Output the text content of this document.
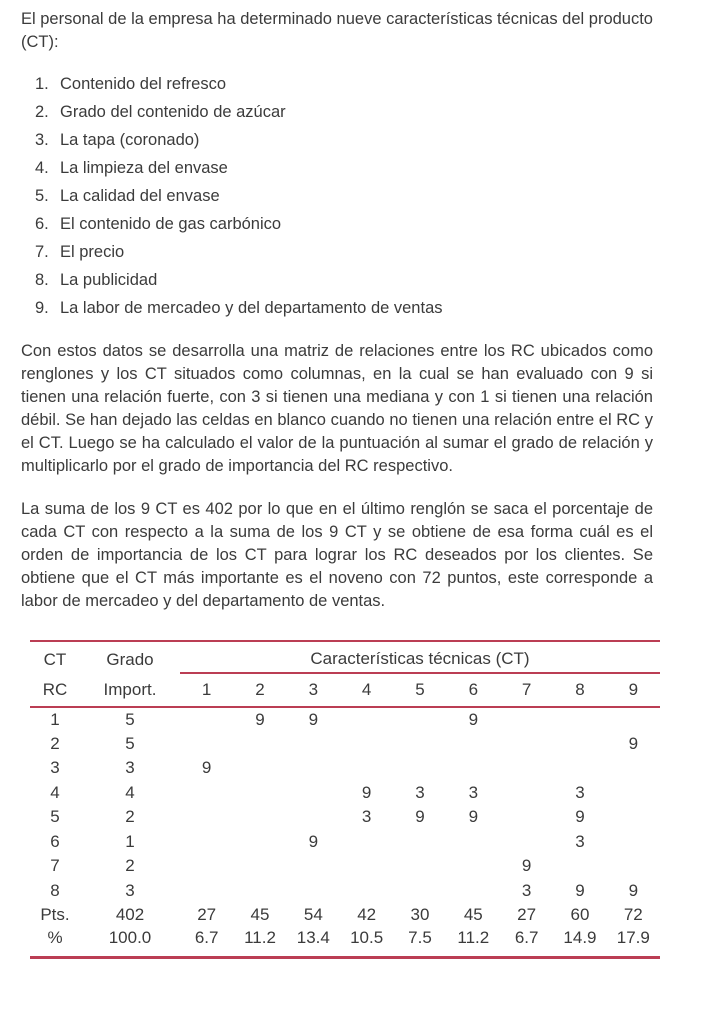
El personal de la empresa ha determinado nueve características técnicas del producto (CT):

1. Contenido del refresco
2. Grado del contenido de azúcar
3. La tapa (coronado)
4. La limpieza del envase
5. La calidad del envase
6. El contenido de gas carbónico
7. El precio
8. La publicidad
9. La labor de mercadeo y del departamento de ventas

Con estos datos se desarrolla una matriz de relaciones entre los RC ubicados como renglones y los CT situados como columnas, en la cual se han evaluado con 9 si tienen una relación fuerte, con 3 si tienen una mediana y con 1 si tienen una relación débil. Se han dejado las celdas en blanco cuando no tienen una relación entre el RC y el CT. Luego se ha calculado el valor de la puntuación al sumar el grado de relación y multiplicarlo por el grado de importancia del RC respectivo.

La suma de los 9 CT es 402 por lo que en el último renglón se saca el porcentaje de cada CT con respecto a la suma de los 9 CT y se obtiene de esa forma cuál es el orden de importancia de los CT para lograr los RC deseados por los clientes. Se obtiene que el CT más importante es el noveno con 72 puntos, este corresponde a labor de mercadeo y del departamento de ventas.

CT	Grado	Características técnicas (CT)								
RC	Import.	1	2	3	4	5	6	7	8	9
1	5		9	9			9			
2	5									9
3	3	9								
4	4				9	3	3		3	
5	2				3	9	9		9	
6	1			9					3	
7	2							9		
8	3							3	9	9
Pts.	402	27	45	54	42	30	45	27	60	72
%	100.0	6.7	11.2	13.4	10.5	7.5	11.2	6.7	14.9	17.9
